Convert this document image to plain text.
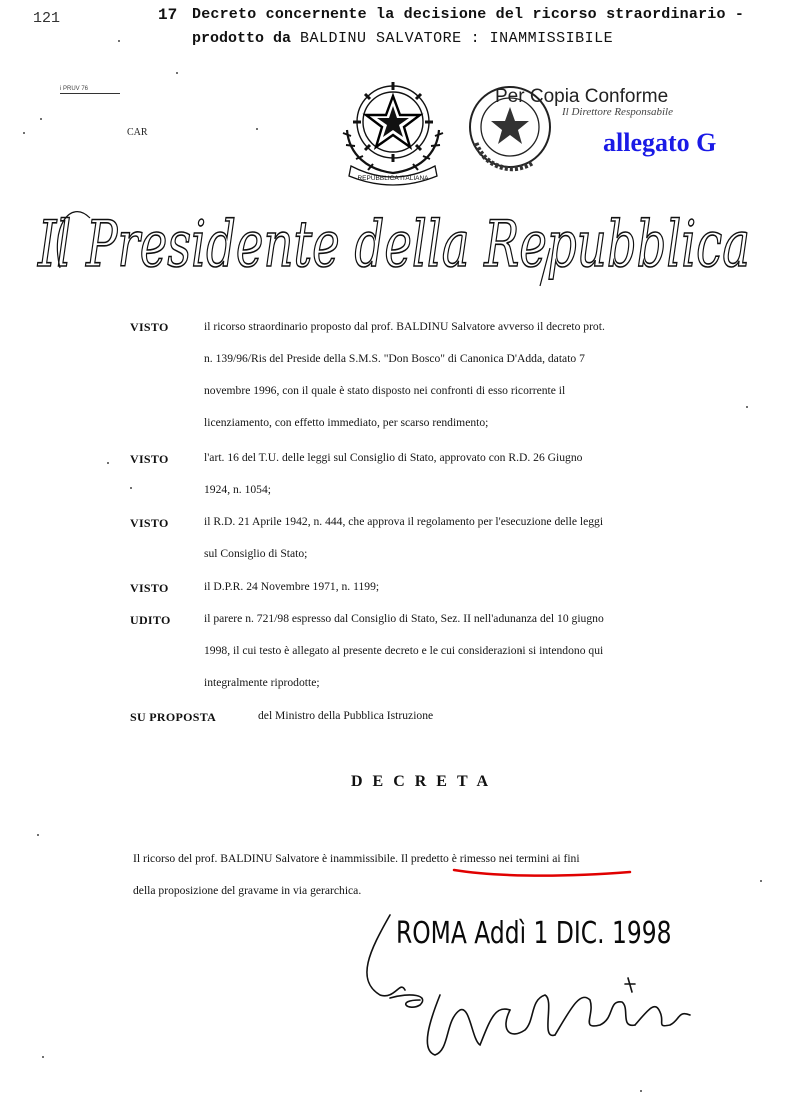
121	17 Decreto concernente la decisione del ricorso straordinario -
prodotto da BALDINU SALVATORE : INAMMISSIBILE
i PRUV 76
CAR
REPUBBLICA ITALIANA
Per Copia Conforme
Il Direttore Responsabile
allegato G
Il Presidente della Repubblica
VISTO	il ricorso straordinario proposto dal prof. BALDINU Salvatore avverso il decreto prot.
n. 139/96/Ris del Preside della S.M.S. "Don Bosco" di Canonica D'Adda, datato 7
novembre 1996, con il quale è stato disposto nei confronti di esso ricorrente il
licenziamento, con effetto immediato, per scarso rendimento;
VISTO	l'art. 16 del T.U. delle leggi sul Consiglio di Stato, approvato con R.D. 26 Giugno
1924, n. 1054;
VISTO	il R.D. 21 Aprile 1942, n. 444, che approva il regolamento per l'esecuzione delle leggi
sul Consiglio di Stato;
VISTO	il D.P.R. 24 Novembre 1971, n. 1199;
UDITO	il parere n. 721/98 espresso dal Consiglio di Stato, Sez. II nell'adunanza del 10 giugno
1998, il cui testo è allegato al presente decreto e le cui considerazioni si intendono qui
integralmente riprodotte;
SU PROPOSTA	del Ministro della Pubblica Istruzione
DECRETA
Il ricorso del prof. BALDINU Salvatore è inammissibile. Il predetto è rimesso nei termini ai fini
della proposizione del gravame in via gerarchica.
ROMA Addì 1 DIC. 1998
